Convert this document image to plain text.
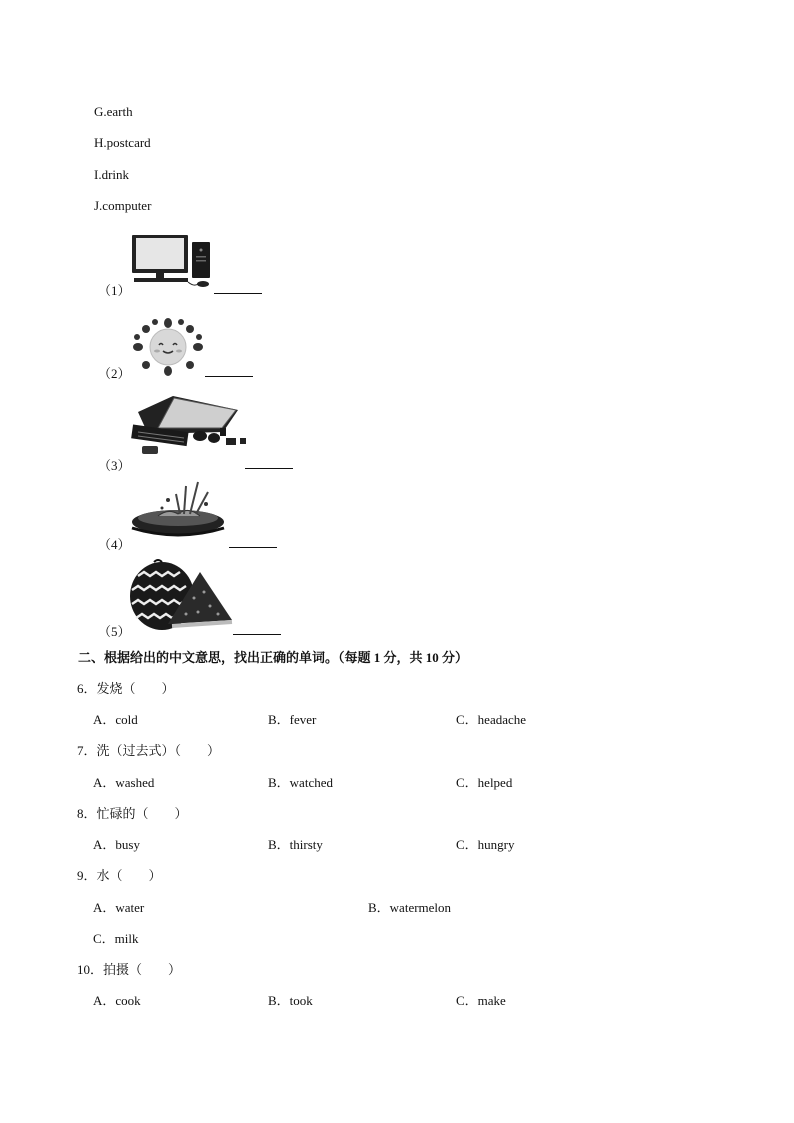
G.earth
H.postcard
I.drink
J.computer
（1）
（2）
（3）
（4）
（5）
二、根据给出的中文意思，找出正确的单词。（每题 1 分，共 10 分）
6．发烧（　　）
A．cold	B．fever	C．headache
7．洗（过去式）（　　）
A．washed	B．watched	C．helped
8．忙碌的（　　）
A．busy	B．thirsty	C．hungry
9．水（　　）
A．water	B．watermelon
C．milk
10．拍摄（　　）
A．cook	B．took	C．make
